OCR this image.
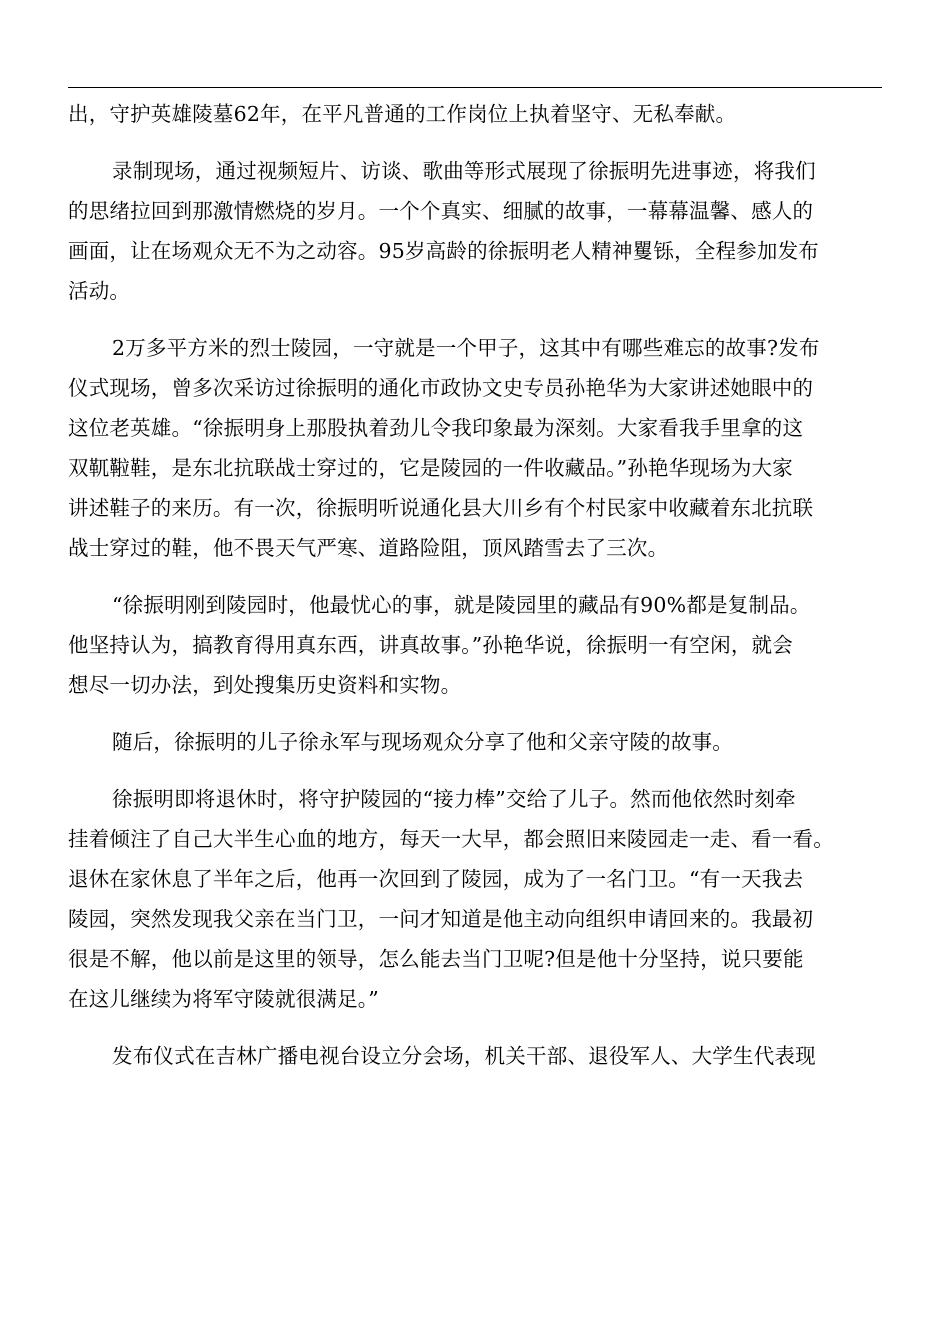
出，守护英雄陵墓62年，在平凡普通的工作岗位上执着坚守、无私奉献。
录制现场，通过视频短片、访谈、歌曲等形式展现了徐振明先进事迹，将我们
的思绪拉回到那激情燃烧的岁月。一个个真实、细腻的故事，一幕幕温馨、感人的
画面，让在场观众无不为之动容。95岁高龄的徐振明老人精神矍铄，全程参加发布
活动。
2万多平方米的烈士陵园，一守就是一个甲子，这其中有哪些难忘的故事?发布
仪式现场，曾多次采访过徐振明的通化市政协文史专员孙艳华为大家讲述她眼中的
这位老英雄。“徐振明身上那股执着劲儿令我印象最为深刻。大家看我手里拿的这
双靰鞡鞋，是东北抗联战士穿过的，它是陵园的一件收藏品。”孙艳华现场为大家
讲述鞋子的来历。有一次，徐振明听说通化县大川乡有个村民家中收藏着东北抗联
战士穿过的鞋，他不畏天气严寒、道路险阻，顶风踏雪去了三次。
“徐振明刚到陵园时，他最忧心的事，就是陵园里的藏品有90%都是复制品。
他坚持认为，搞教育得用真东西，讲真故事。”孙艳华说，徐振明一有空闲，就会
想尽一切办法，到处搜集历史资料和实物。
随后，徐振明的儿子徐永军与现场观众分享了他和父亲守陵的故事。
徐振明即将退休时，将守护陵园的“接力棒”交给了儿子。然而他依然时刻牵
挂着倾注了自己大半生心血的地方，每天一大早，都会照旧来陵园走一走、看一看。
退休在家休息了半年之后，他再一次回到了陵园，成为了一名门卫。“有一天我去
陵园，突然发现我父亲在当门卫，一问才知道是他主动向组织申请回来的。我最初
很是不解，他以前是这里的领导，怎么能去当门卫呢?但是他十分坚持，说只要能
在这儿继续为将军守陵就很满足。”
发布仪式在吉林广播电视台设立分会场，机关干部、退役军人、大学生代表现
